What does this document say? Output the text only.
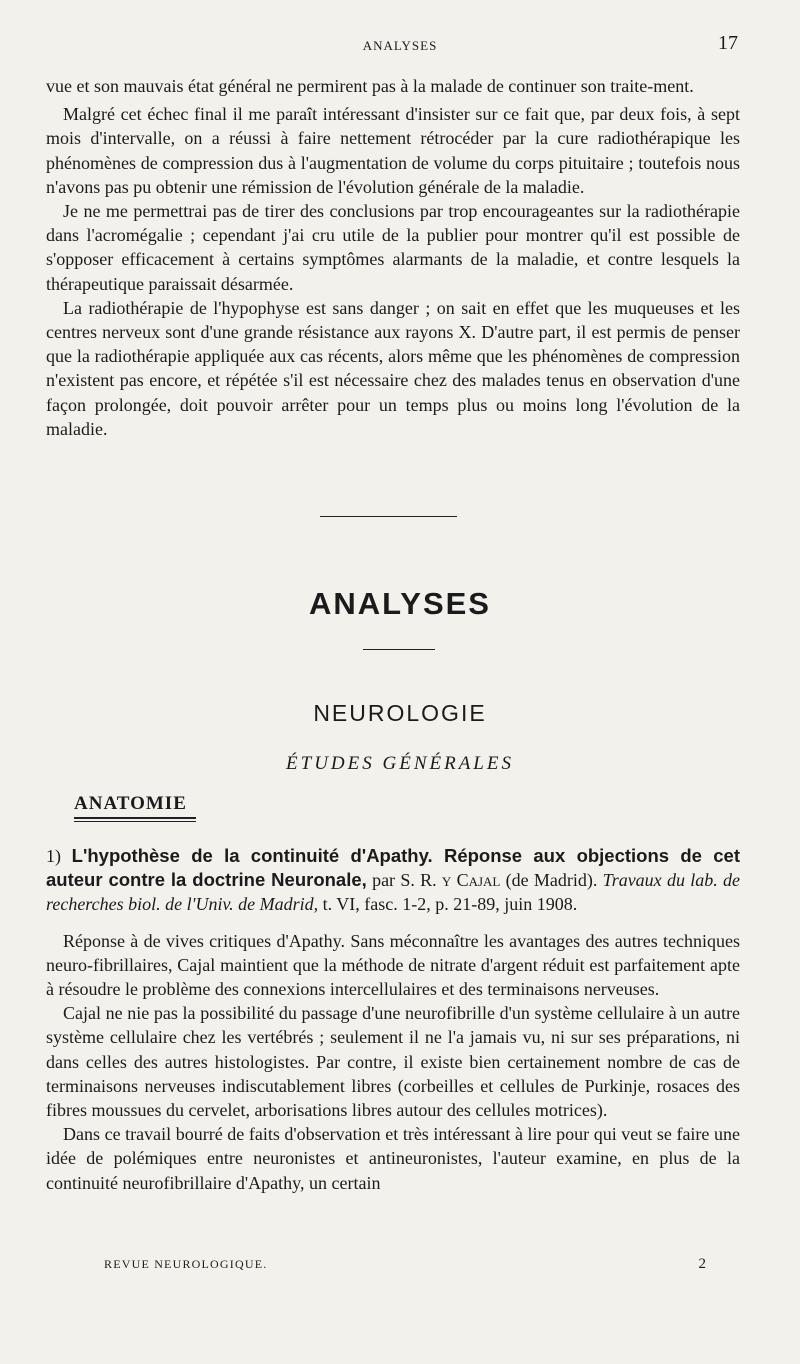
ANALYSES	17

vue et son mauvais état général ne permirent pas à la malade de continuer son traite-ment.

Malgré cet échec final il me paraît intéressant d'insister sur ce fait que, par deux fois, à sept mois d'intervalle, on a réussi à faire nettement rétrocéder par la cure radiothérapique les phénomènes de compression dus à l'augmentation de volume du corps pituitaire ; toutefois nous n'avons pas pu obtenir une rémission de l'évolution générale de la maladie.

Je ne me permettrai pas de tirer des conclusions par trop encourageantes sur la radiothérapie dans l'acromégalie ; cependant j'ai cru utile de la publier pour montrer qu'il est possible de s'opposer efficacement à certains symptômes alarmants de la maladie, et contre lesquels la thérapeutique paraissait désarmée.

La radiothérapie de l'hypophyse est sans danger ; on sait en effet que les muqueuses et les centres nerveux sont d'une grande résistance aux rayons X. D'autre part, il est permis de penser que la radiothérapie appliquée aux cas récents, alors même que les phénomènes de compression n'existent pas encore, et répétée s'il est nécessaire chez des malades tenus en observation d'une façon prolongée, doit pouvoir arrêter pour un temps plus ou moins long l'évolution de la maladie.

ANALYSES
NEUROLOGIE
ÉTUDES GÉNÉRALES
ANATOMIE

1) L'hypothèse de la continuité d'Apathy. Réponse aux objections de cet auteur contre la doctrine Neuronale, par S. R. y Cajal (de Madrid). Travaux du lab. de recherches biol. de l'Univ. de Madrid, t. VI, fasc. 1-2, p. 21-89, juin 1908.

Réponse à de vives critiques d'Apathy. Sans méconnaître les avantages des autres techniques neuro-fibrillaires, Cajal maintient que la méthode de nitrate d'argent réduit est parfaitement apte à résoudre le problème des connexions intercellulaires et des terminaisons nerveuses.

Cajal ne nie pas la possibilité du passage d'une neurofibrille d'un système cellulaire à un autre système cellulaire chez les vertébrés ; seulement il ne l'a jamais vu, ni sur ses préparations, ni dans celles des autres histologistes. Par contre, il existe bien certainement nombre de cas de terminaisons nerveuses indiscutablement libres (corbeilles et cellules de Purkinje, rosaces des fibres moussues du cervelet, arborisations libres autour des cellules motrices).

Dans ce travail bourré de faits d'observation et très intéressant à lire pour qui veut se faire une idée de polémiques entre neuronistes et antineuronistes, l'auteur examine, en plus de la continuité neurofibrillaire d'Apathy, un certain

REVUE NEUROLOGIQUE.	2
